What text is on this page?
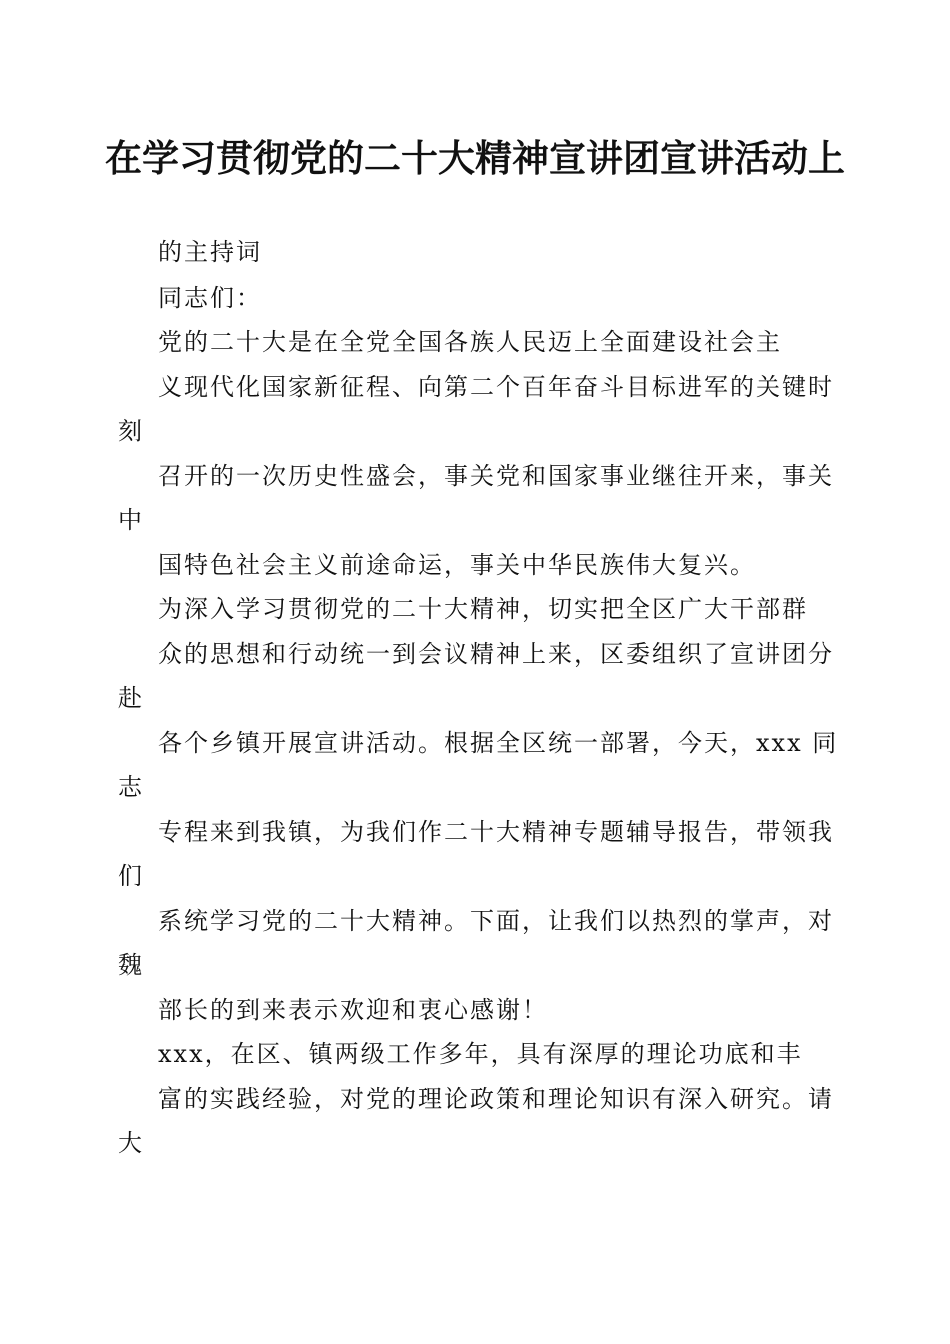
在学习贯彻党的二十大精神宣讲团宣讲活动上
的主持词
同志们：
党的二十大是在全党全国各族人民迈上全面建设社会主
义现代化国家新征程、向第二个百年奋斗目标进军的关键时
刻
召开的一次历史性盛会，事关党和国家事业继往开来，事关
中
国特色社会主义前途命运，事关中华民族伟大复兴。
为深入学习贯彻党的二十大精神，切实把全区广大干部群
众的思想和行动统一到会议精神上来，区委组织了宣讲团分
赴
各个乡镇开展宣讲活动。根据全区统一部署，今天，xxx 同
志
专程来到我镇，为我们作二十大精神专题辅导报告，带领我
们
系统学习党的二十大精神。下面，让我们以热烈的掌声，对
魏
部长的到来表示欢迎和衷心感谢！
xxx，在区、镇两级工作多年，具有深厚的理论功底和丰
富的实践经验，对党的理论政策和理论知识有深入研究。请
大
